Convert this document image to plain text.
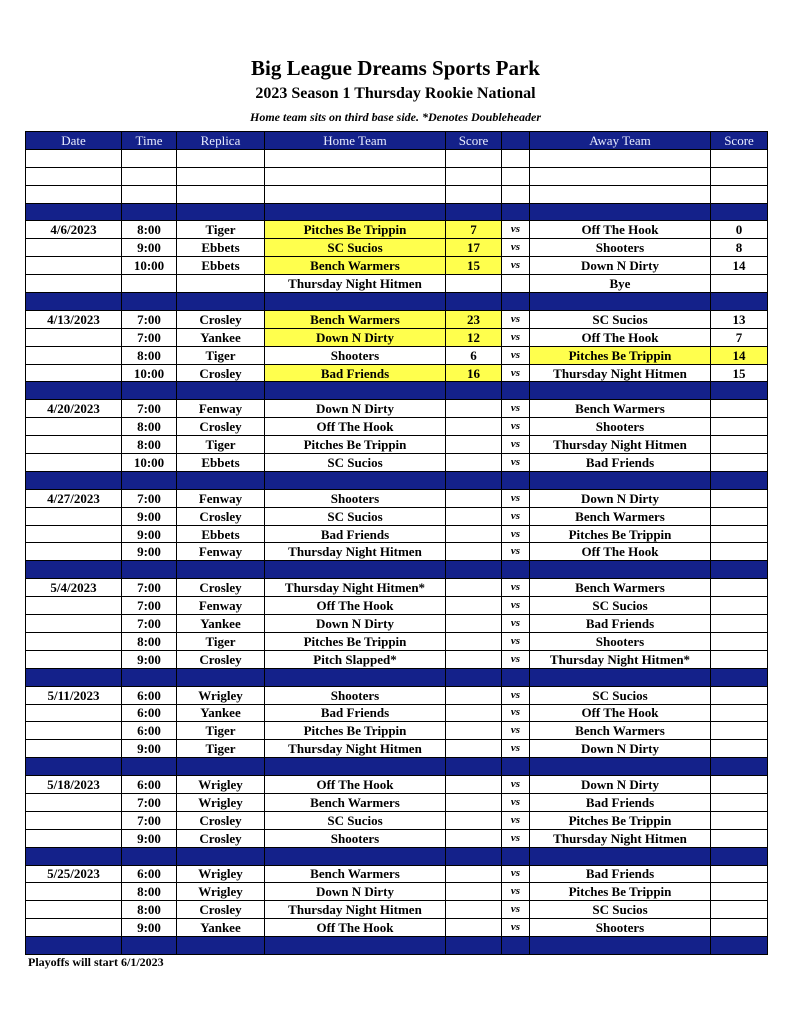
Big League Dreams Sports Park
2023 Season 1 Thursday Rookie National
Home team sits on third base side. *Denotes Doubleheader
Date	Time	Replica	Home Team	Score		Away Team	Score

4/6/2023	8:00	Tiger	Pitches Be Trippin	7	vs	Off The Hook	0
	9:00	Ebbets	SC Sucios	17	vs	Shooters	8
	10:00	Ebbets	Bench Warmers	15	vs	Down N Dirty	14
			Thursday Night Hitmen			Bye	

4/13/2023	7:00	Crosley	Bench Warmers	23	vs	SC Sucios	13
	7:00	Yankee	Down N Dirty	12	vs	Off The Hook	7
	8:00	Tiger	Shooters	6	vs	Pitches Be Trippin	14
	10:00	Crosley	Bad Friends	16	vs	Thursday Night Hitmen	15

4/20/2023	7:00	Fenway	Down N Dirty		vs	Bench Warmers	
	8:00	Crosley	Off The Hook		vs	Shooters	
	8:00	Tiger	Pitches Be Trippin		vs	Thursday Night Hitmen	
	10:00	Ebbets	SC Sucios		vs	Bad Friends	

4/27/2023	7:00	Fenway	Shooters		vs	Down N Dirty	
	9:00	Crosley	SC Sucios		vs	Bench Warmers	
	9:00	Ebbets	Bad Friends		vs	Pitches Be Trippin	
	9:00	Fenway	Thursday Night Hitmen		vs	Off The Hook	

5/4/2023	7:00	Crosley	Thursday Night Hitmen*		vs	Bench Warmers	
	7:00	Fenway	Off The Hook		vs	SC Sucios	
	7:00	Yankee	Down N Dirty		vs	Bad Friends	
	8:00	Tiger	Pitches Be Trippin		vs	Shooters	
	9:00	Crosley	Pitch Slapped*		vs	Thursday Night Hitmen*	

5/11/2023	6:00	Wrigley	Shooters		vs	SC Sucios	
	6:00	Yankee	Bad Friends		vs	Off The Hook	
	6:00	Tiger	Pitches Be Trippin		vs	Bench Warmers	
	9:00	Tiger	Thursday Night Hitmen		vs	Down N Dirty	

5/18/2023	6:00	Wrigley	Off The Hook		vs	Down N Dirty	
	7:00	Wrigley	Bench Warmers		vs	Bad Friends	
	7:00	Crosley	SC Sucios		vs	Pitches Be Trippin	
	9:00	Crosley	Shooters		vs	Thursday Night Hitmen	

5/25/2023	6:00	Wrigley	Bench Warmers		vs	Bad Friends	
	8:00	Wrigley	Down N Dirty		vs	Pitches Be Trippin	
	8:00	Crosley	Thursday Night Hitmen		vs	SC Sucios	
	9:00	Yankee	Off The Hook		vs	Shooters	

Playoffs will start 6/1/2023
